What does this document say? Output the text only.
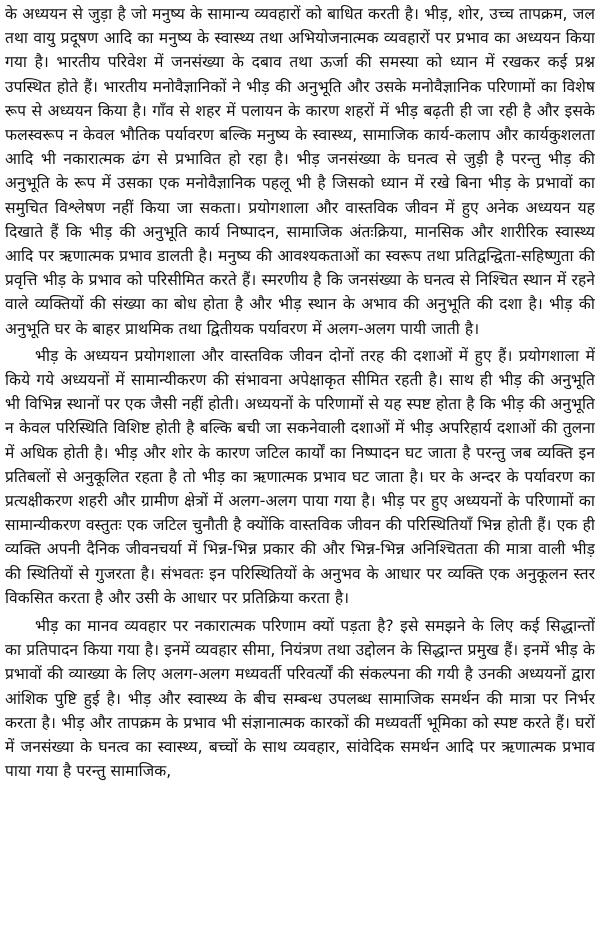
के अध्ययन से जुड़ा है जो मनुष्य के सामान्य व्यवहारों को बाधित करती है। भीड़, शोर, उच्च तापक्रम, जल तथा वायु प्रदूषण आदि का मनुष्य के स्वास्थ्य तथा अभियोजनात्मक व्यवहारों पर प्रभाव का अध्ययन किया गया है। भारतीय परिवेश में जनसंख्या के दबाव तथा ऊर्जा की समस्या को ध्यान में रखकर कई प्रश्न उपस्थित होते हैं। भारतीय मनोवैज्ञानिकों ने भीड़ की अनुभूति और उसके मनोवैज्ञानिक परिणामों का विशेष रूप से अध्ययन किया है। गाँव से शहर में पलायन के कारण शहरों में भीड़ बढ़ती ही जा रही है और इसके फलस्वरूप न केवल भौतिक पर्यावरण बल्कि मनुष्य के स्वास्थ्य, सामाजिक कार्य-कलाप और कार्यकुशलता आदि भी नकारात्मक ढंग से प्रभावित हो रहा है। भीड़ जनसंख्या के घनत्व से जुड़ी है परन्तु भीड़ की अनुभूति के रूप में उसका एक मनोवैज्ञानिक पहलू भी है जिसको ध्यान में रखे बिना भीड़ के प्रभावों का समुचित विश्लेषण नहीं किया जा सकता। प्रयोगशाला और वास्तविक जीवन में हुए अनेक अध्ययन यह दिखाते हैं कि भीड़ की अनुभूति कार्य निष्पादन, सामाजिक अंतःक्रिया, मानसिक और शारीरिक स्वास्थ्य आदि पर ऋणात्मक प्रभाव डालती है। मनुष्य की आवश्यकताओं का स्वरूप तथा प्रतिद्वन्द्विता-सहिष्णुता की प्रवृत्ति भीड़ के प्रभाव को परिसीमित करते हैं। स्मरणीय है कि जनसंख्या के घनत्व से निश्चित स्थान में रहने वाले व्यक्तियों की संख्या का बोध होता है और भीड़ स्थान के अभाव की अनुभूति की दशा है। भीड़ की अनुभूति घर के बाहर प्राथमिक तथा द्वितीयक पर्यावरण में अलग-अलग पायी जाती है।

भीड़ के अध्ययन प्रयोगशाला और वास्तविक जीवन दोनों तरह की दशाओं में हुए हैं। प्रयोगशाला में किये गये अध्ययनों में सामान्यीकरण की संभावना अपेक्षाकृत सीमित रहती है। साथ ही भीड़ की अनुभूति भी विभिन्न स्थानों पर एक जैसी नहीं होती। अध्ययनों के परिणामों से यह स्पष्ट होता है कि भीड़ की अनुभूति न केवल परिस्थिति विशिष्ट होती है बल्कि बची जा सकनेवाली दशाओं में भीड़ अपरिहार्य दशाओं की तुलना में अधिक होती है। भीड़ और शोर के कारण जटिल कार्यों का निष्पादन घट जाता है परन्तु जब व्यक्ति इन प्रतिबलों से अनुकूलित रहता है तो भीड़ का ऋणात्मक प्रभाव घट जाता है। घर के अन्दर के पर्यावरण का प्रत्यक्षीकरण शहरी और ग्रामीण क्षेत्रों में अलग-अलग पाया गया है। भीड़ पर हुए अध्ययनों के परिणामों का सामान्यीकरण वस्तुतः एक जटिल चुनौती है क्योंकि वास्तविक जीवन की परिस्थितियाँ भिन्न होती हैं। एक ही व्यक्ति अपनी दैनिक जीवनचर्या में भिन्न-भिन्न प्रकार की और भिन्न-भिन्न अनिश्चितता की मात्रा वाली भीड़ की स्थितियों से गुजरता है। संभवतः इन परिस्थितियों के अनुभव के आधार पर व्यक्ति एक अनुकूलन स्तर विकसित करता है और उसी के आधार पर प्रतिक्रिया करता है।

भीड़ का मानव व्यवहार पर नकारात्मक परिणाम क्यों पड़ता है? इसे समझने के लिए कई सिद्धान्तों का प्रतिपादन किया गया है। इनमें व्यवहार सीमा, नियंत्रण तथा उद्दोलन के सिद्धान्त प्रमुख हैं। इनमें भीड़ के प्रभावों की व्याख्या के लिए अलग-अलग मध्यवर्ती परिवर्त्यों की संकल्पना की गयी है उनकी अध्ययनों द्वारा आंशिक पुष्टि हुई है। भीड़ और स्वास्थ्य के बीच सम्बन्ध उपलब्ध सामाजिक समर्थन की मात्रा पर निर्भर करता है। भीड़ और तापक्रम के प्रभाव भी संज्ञानात्मक कारकों की मध्यवर्ती भूमिका को स्पष्ट करते हैं। घरों में जनसंख्या के घनत्व का स्वास्थ्य, बच्चों के साथ व्यवहार, सांवेदिक समर्थन आदि पर ऋणात्मक प्रभाव पाया गया है परन्तु सामाजिक,
